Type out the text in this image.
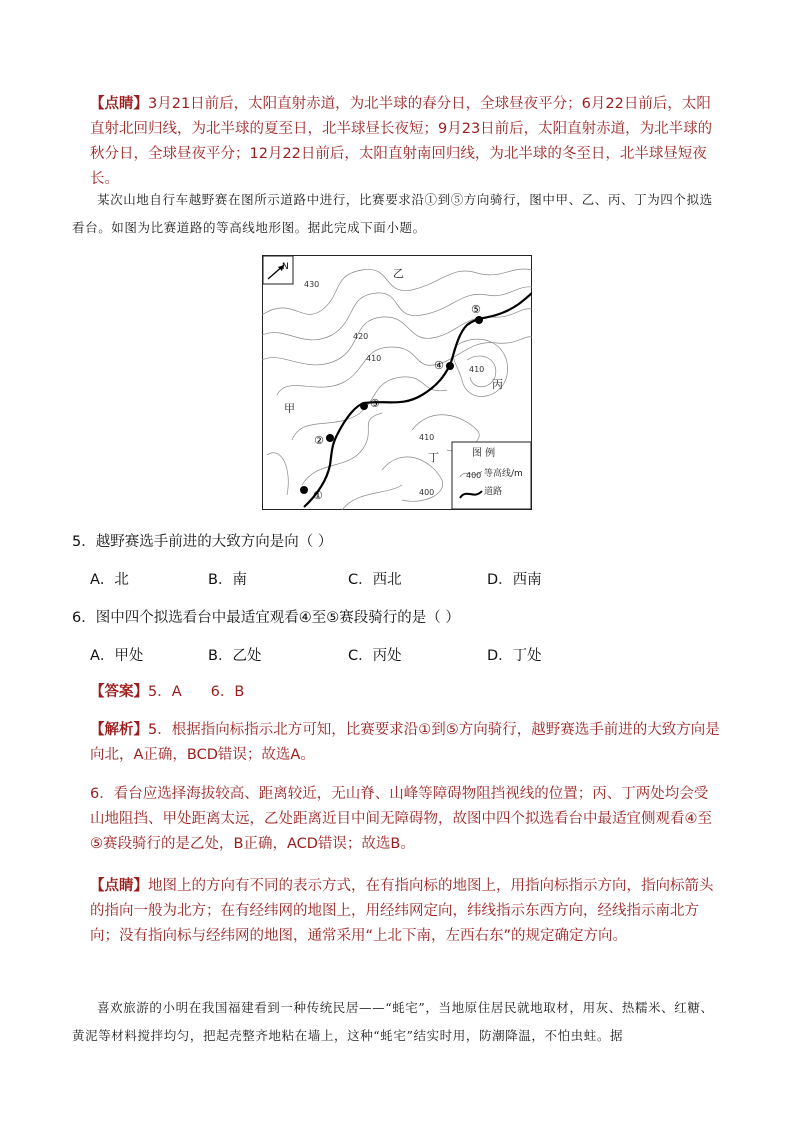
【点睛】3月21日前后，太阳直射赤道，为北半球的春分日，全球昼夜平分；6月22日前后，太阳直射北回归线，为北半球的夏至日，北半球昼长夜短；9月23日前后，太阳直射赤道，为北半球的秋分日，全球昼夜平分；12月22日前后，太阳直射南回归线，为北半球的冬至日，北半球昼短夜长。
某次山地自行车越野赛在图所示道路中进行，比赛要求沿①到⑤方向骑行，图中甲、乙、丙、丁为四个拟选看台。如图为比赛道路的等高线地形图。据此完成下面小题。
N
430
420
410
410
410
400
甲
乙
丙
丁
①
②
③
④
⑤
图 例
400 等高线/m
道路
5．越野赛选手前进的大致方向是向（ ）
A．北	B．南	C．西北	D．西南
6．图中四个拟选看台中最适宜观看④至⑤赛段骑行的是（ ）
A．甲处	B．乙处	C．丙处	D．丁处
【答案】5．A　　6．B
【解析】5．根据指向标指示北方可知，比赛要求沿①到⑤方向骑行，越野赛选手前进的大致方向是向北，A正确，BCD错误；故选A。
6．看台应选择海拔较高、距离较近，无山脊、山峰等障碍物阻挡视线的位置；丙、丁两处均会受山地阻挡、甲处距离太远，乙处距离近目中间无障碍物，故图中四个拟选看台中最适宜侧观看④至⑤赛段骑行的是乙处，B正确，ACD错误；故选B。
【点睛】地图上的方向有不同的表示方式，在有指向标的地图上，用指向标指示方向，指向标箭头的指向一般为北方；在有经纬网的地图上，用经纬网定向，纬线指示东西方向，经线指示南北方向；没有指向标与经纬网的地图，通常采用“上北下南，左西右东”的规定确定方向。
喜欢旅游的小明在我国福建看到一种传统民居——“蚝宅”，当地原住居民就地取材，用灰、热糯米、红糖、黄泥等材料搅拌均匀，把起壳整齐地粘在墙上，这种“蚝宅”结实时用，防潮降温，不怕虫蛀。据
